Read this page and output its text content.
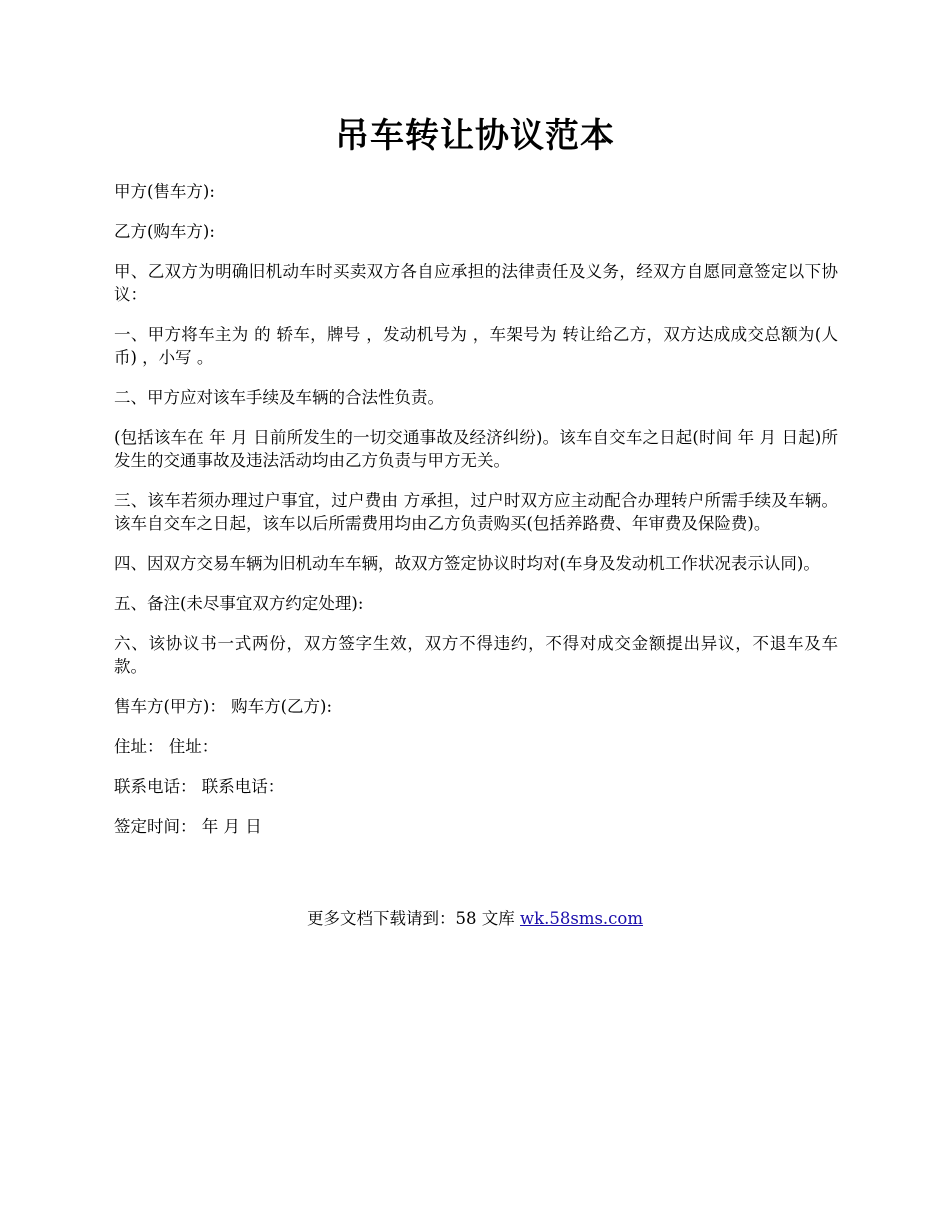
吊车转让协议范本

甲方(售车方):

乙方(购车方):

甲、乙双方为明确旧机动车时买卖双方各自应承担的法律责任及义务，经双方自愿同意签定以下协议：

一、甲方将车主为 的 轿车，牌号 ，发动机号为 ，车架号为 转让给乙方，双方达成成交总额为(人币) ，小写 。

二、甲方应对该车手续及车辆的合法性负责。

(包括该车在 年 月 日前所发生的一切交通事故及经济纠纷)。该车自交车之日起(时间 年 月 日起)所发生的交通事故及违法活动均由乙方负责与甲方无关。

三、该车若须办理过户事宜，过户费由 方承担，过户时双方应主动配合办理转户所需手续及车辆。该车自交车之日起，该车以后所需费用均由乙方负责购买(包括养路费、年审费及保险费)。

四、因双方交易车辆为旧机动车车辆，故双方签定协议时均对(车身及发动机工作状况表示认同)。

五、备注(未尽事宜双方约定处理):

六、该协议书一式两份，双方签字生效，双方不得违约，不得对成交金额提出异议，不退车及车款。

售车方(甲方)： 购车方(乙方):

住址： 住址：

联系电话： 联系电话：

签定时间： 年 月 日

更多文档下载请到：58 文库 wk.58sms.com
